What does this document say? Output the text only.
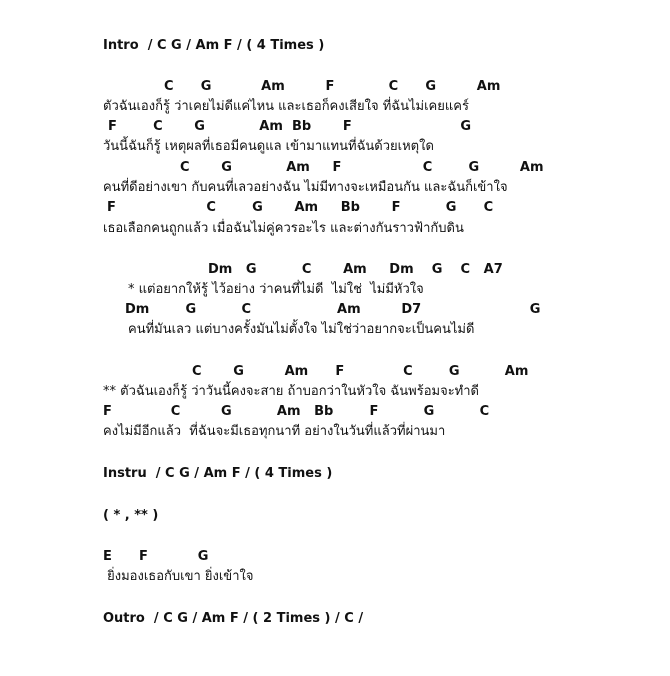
Intro  / C G / Am F / ( 4 Times )
C      G           Am         F            C      G         Am
ตัวฉันเองก็รู้ ว่าเคยไม่ดีแค่ไหน และเธอก็คงเสียใจ ที่ฉันไม่เคยแคร์
F        C       G            Am  Bb       F                        G
วันนี้ฉันก็รู้ เหตุผลที่เธอมีคนดูแล เข้ามาแทนที่ฉันด้วยเหตุใด
C       G            Am     F                  C        G         Am
คนที่ดีอย่างเขา กับคนที่เลวอย่างฉัน ไม่มีทางจะเหมือนกัน และฉันก็เข้าใจ
F                    C        G       Am     Bb       F          G      C
เธอเลือกคนถูกแล้ว เมื่อฉันไม่คู่ควรอะไร และต่างกันราวฟ้ากับดิน
Dm   G          C       Am     Dm    G    C   A7
* แต่อยากให้รู้ ไว้อย่าง ว่าคนที่ไม่ดี  ไม่ใช่  ไม่มีหัวใจ
Dm        G          C                   Am         D7                        G
คนที่มันเลว แต่บางครั้งมันไม่ตั้งใจ ไม่ใช่ว่าอยากจะเป็นคนไม่ดี
C       G         Am      F             C        G          Am
** ตัวฉันเองก็รู้ ว่าวันนี้คงจะสาย ถ้าบอกว่าในหัวใจ ฉันพร้อมจะทำดี
F             C         G          Am   Bb        F          G          C
คงไม่มีอีกแล้ว  ที่ฉันจะมีเธอทุกนาที อย่างในวันที่แล้วที่ผ่านมา
Instru  / C G / Am F / ( 4 Times )
( * , ** )
E      F           G
ยิ่งมองเธอกับเขา ยิ่งเข้าใจ
Outro  / C G / Am F / ( 2 Times ) / C /
